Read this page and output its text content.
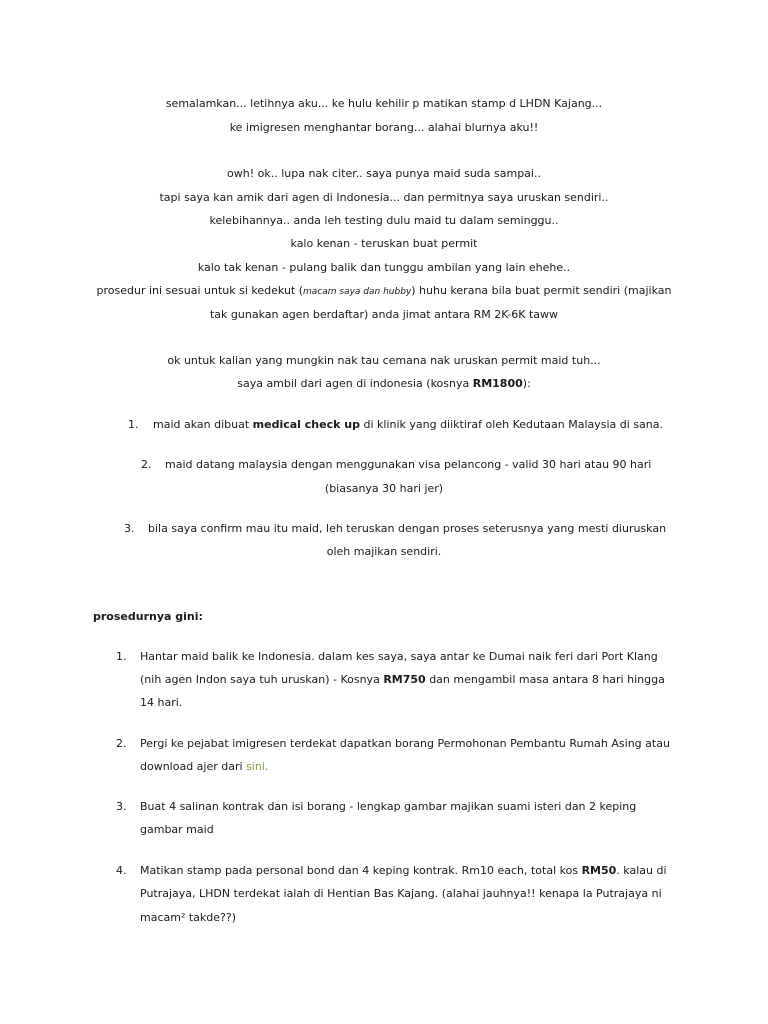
semalamkan... letihnya aku... ke hulu kehilir p matikan stamp d LHDN Kajang...
ke imigresen menghantar borang... alahai blurnya aku!!
owh! ok.. lupa nak citer.. saya punya maid suda sampai..
tapi saya kan amik dari agen di Indonesia... dan permitnya saya uruskan sendiri..
kelebihannya.. anda leh testing dulu maid tu dalam seminggu..
kalo kenan - teruskan buat permit
kalo tak kenan - pulang balik dan tunggu ambilan yang lain ehehe..
prosedur ini sesuai untuk si kedekut (macam saya dan hubby) huhu kerana bila buat permit sendiri (majikan
tak gunakan agen berdaftar) anda jimat antara RM 2K-6K taww
ok untuk kalian yang mungkin nak tau cemana nak uruskan permit maid tuh...
saya ambil dari agen di indonesia (kosnya RM1800):
1. maid akan dibuat medical check up di klinik yang diiktiraf oleh Kedutaan Malaysia di sana.
2. maid datang malaysia dengan menggunakan visa pelancong - valid 30 hari atau 90 hari
(biasanya 30 hari jer)
3. bila saya confirm mau itu maid, leh teruskan dengan proses seterusnya yang mesti diuruskan
oleh majikan sendiri.
prosedurnya gini:
1. Hantar maid balik ke Indonesia. dalam kes saya, saya antar ke Dumai naik feri dari Port Klang
(nih agen Indon saya tuh uruskan) - Kosnya RM750 dan mengambil masa antara 8 hari hingga
14 hari.
2. Pergi ke pejabat imigresen terdekat dapatkan borang Permohonan Pembantu Rumah Asing atau
download ajer dari sini.
3. Buat 4 salinan kontrak dan isi borang - lengkap gambar majikan suami isteri dan 2 keping
gambar maid
4. Matikan stamp pada personal bond dan 4 keping kontrak. Rm10 each, total kos RM50. kalau di
Putrajaya, LHDN terdekat ialah di Hentian Bas Kajang. (alahai jauhnya!! kenapa la Putrajaya ni
macam² takde??)
